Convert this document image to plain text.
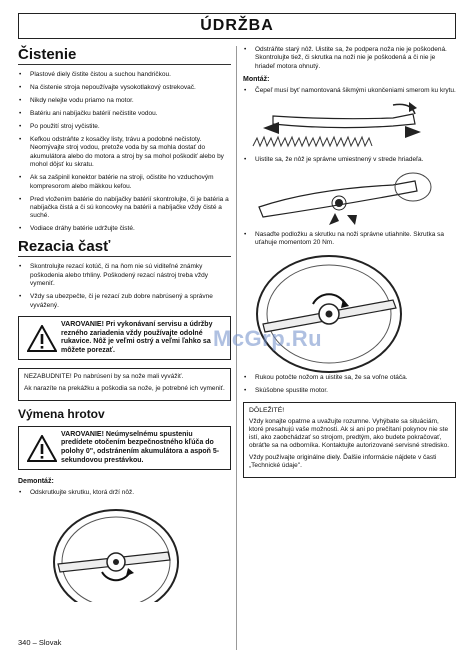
ÚDRŽBA
Čistenie
• Plastové diely čistite čistou a suchou handričkou.
• Na čistenie stroja nepoužívajte vysokotlakový ostrekovač.
• Nikdy nelejte vodu priamo na motor.
• Batériu ani nabíjačku batérií nečistite vodou.
• Po použití stroj vyčistite.
• Kefkou odstráňte z kosačky listy, trávu a podobné nečistoty. Neomývajte stroj vodou, pretože voda by sa mohla dostať do akumulátora alebo do motora a stroj by sa mohol poškodiť alebo by mohol dôjsť ku skratu.
• Ak sa zašpinil konektor batérie na stroji, očistite ho vzduchovým kompresorom alebo mäkkou kefou.
• Pred vložením batérie do nabíjačky batérií skontrolujte, či je batéria a nabíjačka čistá a či sú koncovky na batérii a nabíjačke vždy čisté a suché.
• Vodiace dráhy batérie udržujte čisté.
Rezacia časť
• Skontrolujte rezací kotúč, či na ňom nie sú viditeľné známky poškodenia alebo trhliny. Poškodený rezací nástroj treba vždy vymeniť.
• Vždy sa ubezpečte, či je rezací zub dobre nabrúsený a správne vyvážený.
VAROVANIE! Pri vykonávaní servisu a údržby rezného zariadenia vždy používajte odolné rukavice. Nôž je veľmi ostrý a veľmi ľahko sa môžete porezať.

NEZABUDNITE! Po nabrúsení by sa nože mali vyvážiť.

Ak narazíte na prekážku a poškodia sa nože, je potrebné ich vymeniť.

Výmena hrotov
VAROVANIE! Neúmyselnému spusteniu predídete otočením bezpečnostného kľúča do polohy 0", odstránením akumulátora a aspoň 5-sekundovou prestávkou.
Demontáž:
• Odskrutkujte skrutku, ktorá drží nôž.
• Odstráňte starý nôž. Uistite sa, že podpera noža nie je poškodená. Skontrolujte tiež, či skrutka na noži nie je poškodená a či nie je hriadeľ motora ohnutý.
Montáž:
• Čepeľ musí byť namontovaná šikmými ukončeniami smerom ku krytu.
• Uistite sa, že nôž je správne umiestnený v strede hriadeľa.
• Nasaďte podložku a skrutku na noži správne utiahnite. Skrutka sa uťahuje momentom 20 Nm.
• Rukou potočte nožom a uistite sa, že sa voľne otáča.
• Skúšobne spustite motor.

DÔLEŽITÉ!

Vždy konajte opatrne a uvažujte rozumne. Vyhýbate sa situáciám, ktoré presahujú vaše možnosti. Ak si ani po prečítaní pokynov nie ste istí, ako zaobchádzať so strojom, predtým, ako budete pokračovať, obráťte sa na odborníka. Kontaktujte autorizované servisné stredisko.

Vždy používajte originálne diely. Ďalšie informácie nájdete v časti „Technické údaje".

McGrp.Ru
340 – Slovak
